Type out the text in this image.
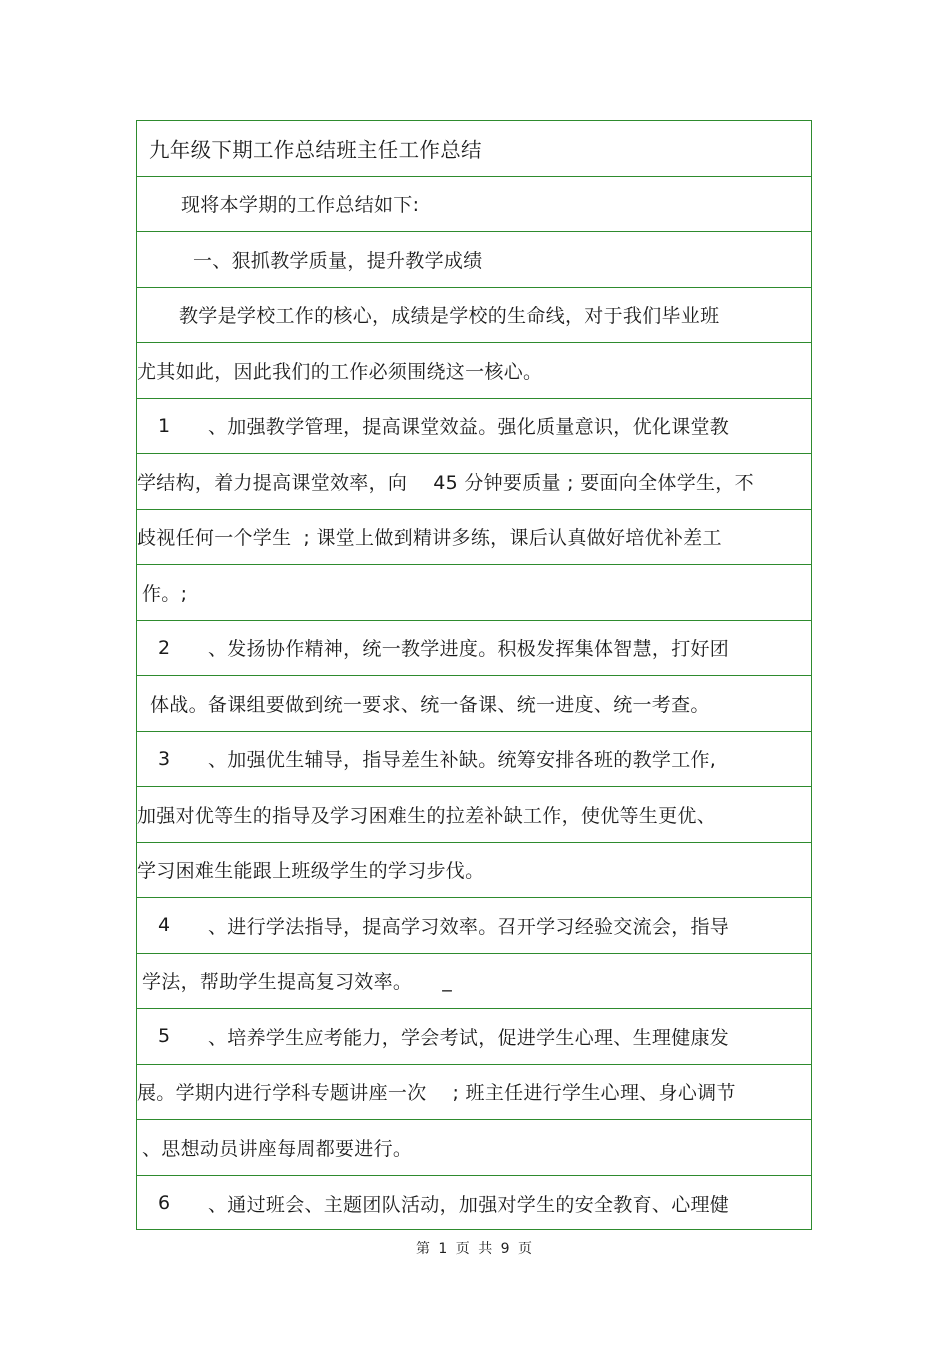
九年级下期工作总结班主任工作总结
现将本学期的工作总结如下:
一、狠抓教学质量，提升教学成绩
教学是学校工作的核心，成绩是学校的生命线，对于我们毕业班
尤其如此，因此我们的工作必须围绕这一核心。
1	、加强教学管理，提高课堂效益。强化质量意识，优化课堂教
学结构，着力提高课堂效率，向 45 分钟要质量 ; 要面向全体学生，不
歧视任何一个学生 ; 课堂上做到精讲多练，课后认真做好培优补差工
作。;
2	、发扬协作精神，统一教学进度。积极发挥集体智慧，打好团
体战。备课组要做到统一要求、统一备课、统一进度、统一考查。
3	、加强优生辅导，指导差生补缺。统筹安排各班的教学工作,
加强对优等生的指导及学习困难生的拉差补缺工作，使优等生更优、
学习困难生能跟上班级学生的学习步伐。
4	、进行学法指导，提高学习效率。召开学习经验交流会，指导
学法，帮助学生提高复习效率。 _
5	、培养学生应考能力，学会考试，促进学生心理、生理健康发
展。学期内进行学科专题讲座一次 ; 班主任进行学生心理、身心调节
、思想动员讲座每周都要进行。
6	、通过班会、主题团队活动，加强对学生的安全教育、心理健
第 1 页 共 9 页
